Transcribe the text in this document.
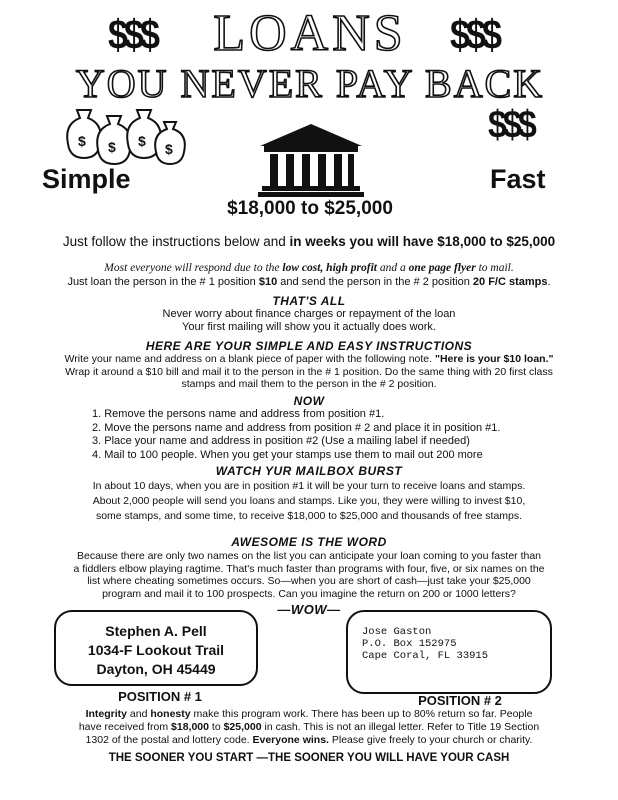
$$$	$$$
LOANS
YOU NEVER PAY BACK
$ $ $ $
$$$
Simple	Fast
$18,000 to $25,000
Just follow the instructions below and in weeks you will have $18,000 to $25,000
Most everyone will respond due to the low cost, high profit and a one page flyer to mail.
Just loan the person in the # 1 position $10 and send the person in the # 2 position 20 F/C stamps.
THAT'S ALL
Never worry about finance charges or repayment of the loan
Your first mailing will show you it actually does work.
HERE ARE YOUR SIMPLE AND EASY INSTRUCTIONS
Write your name and address on a blank piece of paper with the following note. "Here is your $10 loan."
Wrap it around a $10 bill and mail it to the person in the # 1 position. Do the same thing with 20 first class
stamps and mail them to the person in the # 2 position.
NOW
1. Remove the persons name and address from position #1.
2. Move the persons name and address from position # 2 and place it in position #1.
3. Place your name and address in position #2 (Use a mailing label if needed)
4. Mail to 100 people. When you get your stamps use them to mail out 200 more
WATCH YUR MAILBOX BURST
In about 10 days, when you are in position #1 it will be your turn to receive loans and stamps.
About 2,000 people will send you loans and stamps. Like you, they were willing to invest $10,
some stamps, and some time, to receive $18,000 to $25,000 and thousands of free stamps.
AWESOME IS THE WORD
Because there are only two names on the list you can anticipate your loan coming to you faster than
a fiddlers elbow playing ragtime. That's much faster than programs with four, five, or six names on the
list where cheating sometimes occurs. So—when you are short of cash—just take your $25,000
program and mail it to 100 prospects. Can you imagine the return on 200 or 1000 letters?
—WOW—
Stephen A. Pell
1034-F Lookout Trail
Dayton, OH 45449
POSITION # 1
Jose Gaston
P.O. Box 152975
Cape Coral, FL 33915
POSITION # 2
Integrity and honesty make this program work. There has been up to 80% return so far. People
have received from $18,000 to $25,000 in cash. This is not an illegal letter. Refer to Title 19 Section
1302 of the postal and lottery code. Everyone wins. Please give freely to your church or charity.
THE SOONER YOU START —THE SOONER YOU WILL HAVE YOUR CASH
